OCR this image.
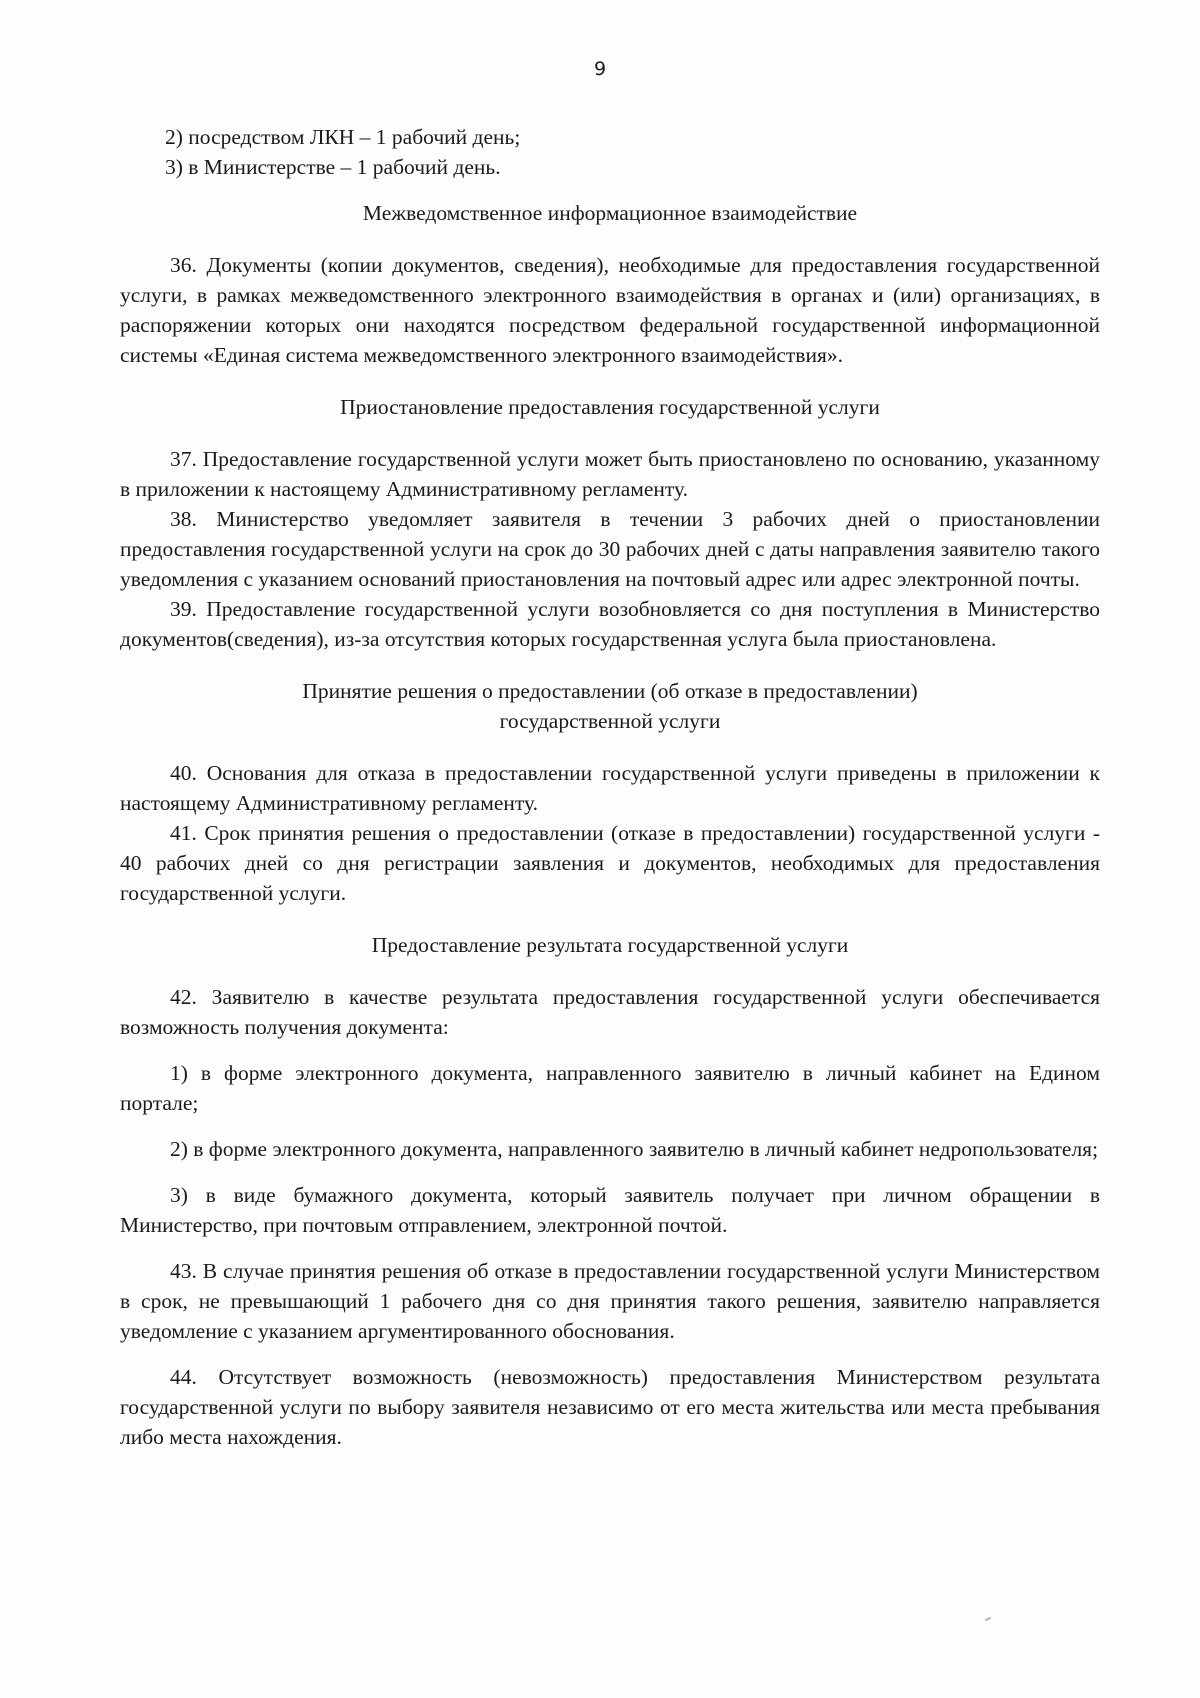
9

2) посредством ЛКН – 1 рабочий день;

3) в Министерстве – 1 рабочий день.

Межведомственное информационное взаимодействие

36. Документы (копии документов, сведения), необходимые для предоставления государственной услуги, в рамках межведомственного электронного взаимодействия в органах и (или) организациях, в распоряжении которых они находятся посредством федеральной государственной информационной системы «Единая система межведомственного электронного взаимодействия».

Приостановление предоставления государственной услуги

37. Предоставление государственной услуги может быть приостановлено по основанию, указанному в приложении к настоящему Административному регламенту.

38. Министерство уведомляет заявителя в течении 3 рабочих дней о приостановлении предоставления государственной услуги на срок до 30 рабочих дней с даты направления заявителю такого уведомления с указанием оснований приостановления на почтовый адрес или адрес электронной почты.

39. Предоставление государственной услуги возобновляется со дня поступления в Министерство документов(сведения), из-за отсутствия которых государственная услуга была приостановлена.

Принятие решения о предоставлении (об отказе в предоставлении)
государственной услуги

40. Основания для отказа в предоставлении государственной услуги приведены в приложении к настоящему Административному регламенту.

41. Срок принятия решения о предоставлении (отказе в предоставлении) государственной услуги - 40 рабочих дней со дня регистрации заявления и документов, необходимых для предоставления государственной услуги.

Предоставление результата государственной услуги

42. Заявителю в качестве результата предоставления государственной услуги обеспечивается возможность получения документа:

1) в форме электронного документа, направленного заявителю в личный кабинет на Едином портале;

2) в форме электронного документа, направленного заявителю в личный кабинет недропользователя;

3) в виде бумажного документа, который заявитель получает при личном обращении в Министерство, при почтовым отправлением, электронной почтой.

43. В случае принятия решения об отказе в предоставлении государственной услуги Министерством в срок, не превышающий 1 рабочего дня со дня принятия такого решения, заявителю направляется уведомление с указанием аргументированного обоснования.

44. Отсутствует возможность (невозможность) предоставления Министерством результата государственной услуги по выбору заявителя независимо от его места жительства или места пребывания либо места нахождения.
